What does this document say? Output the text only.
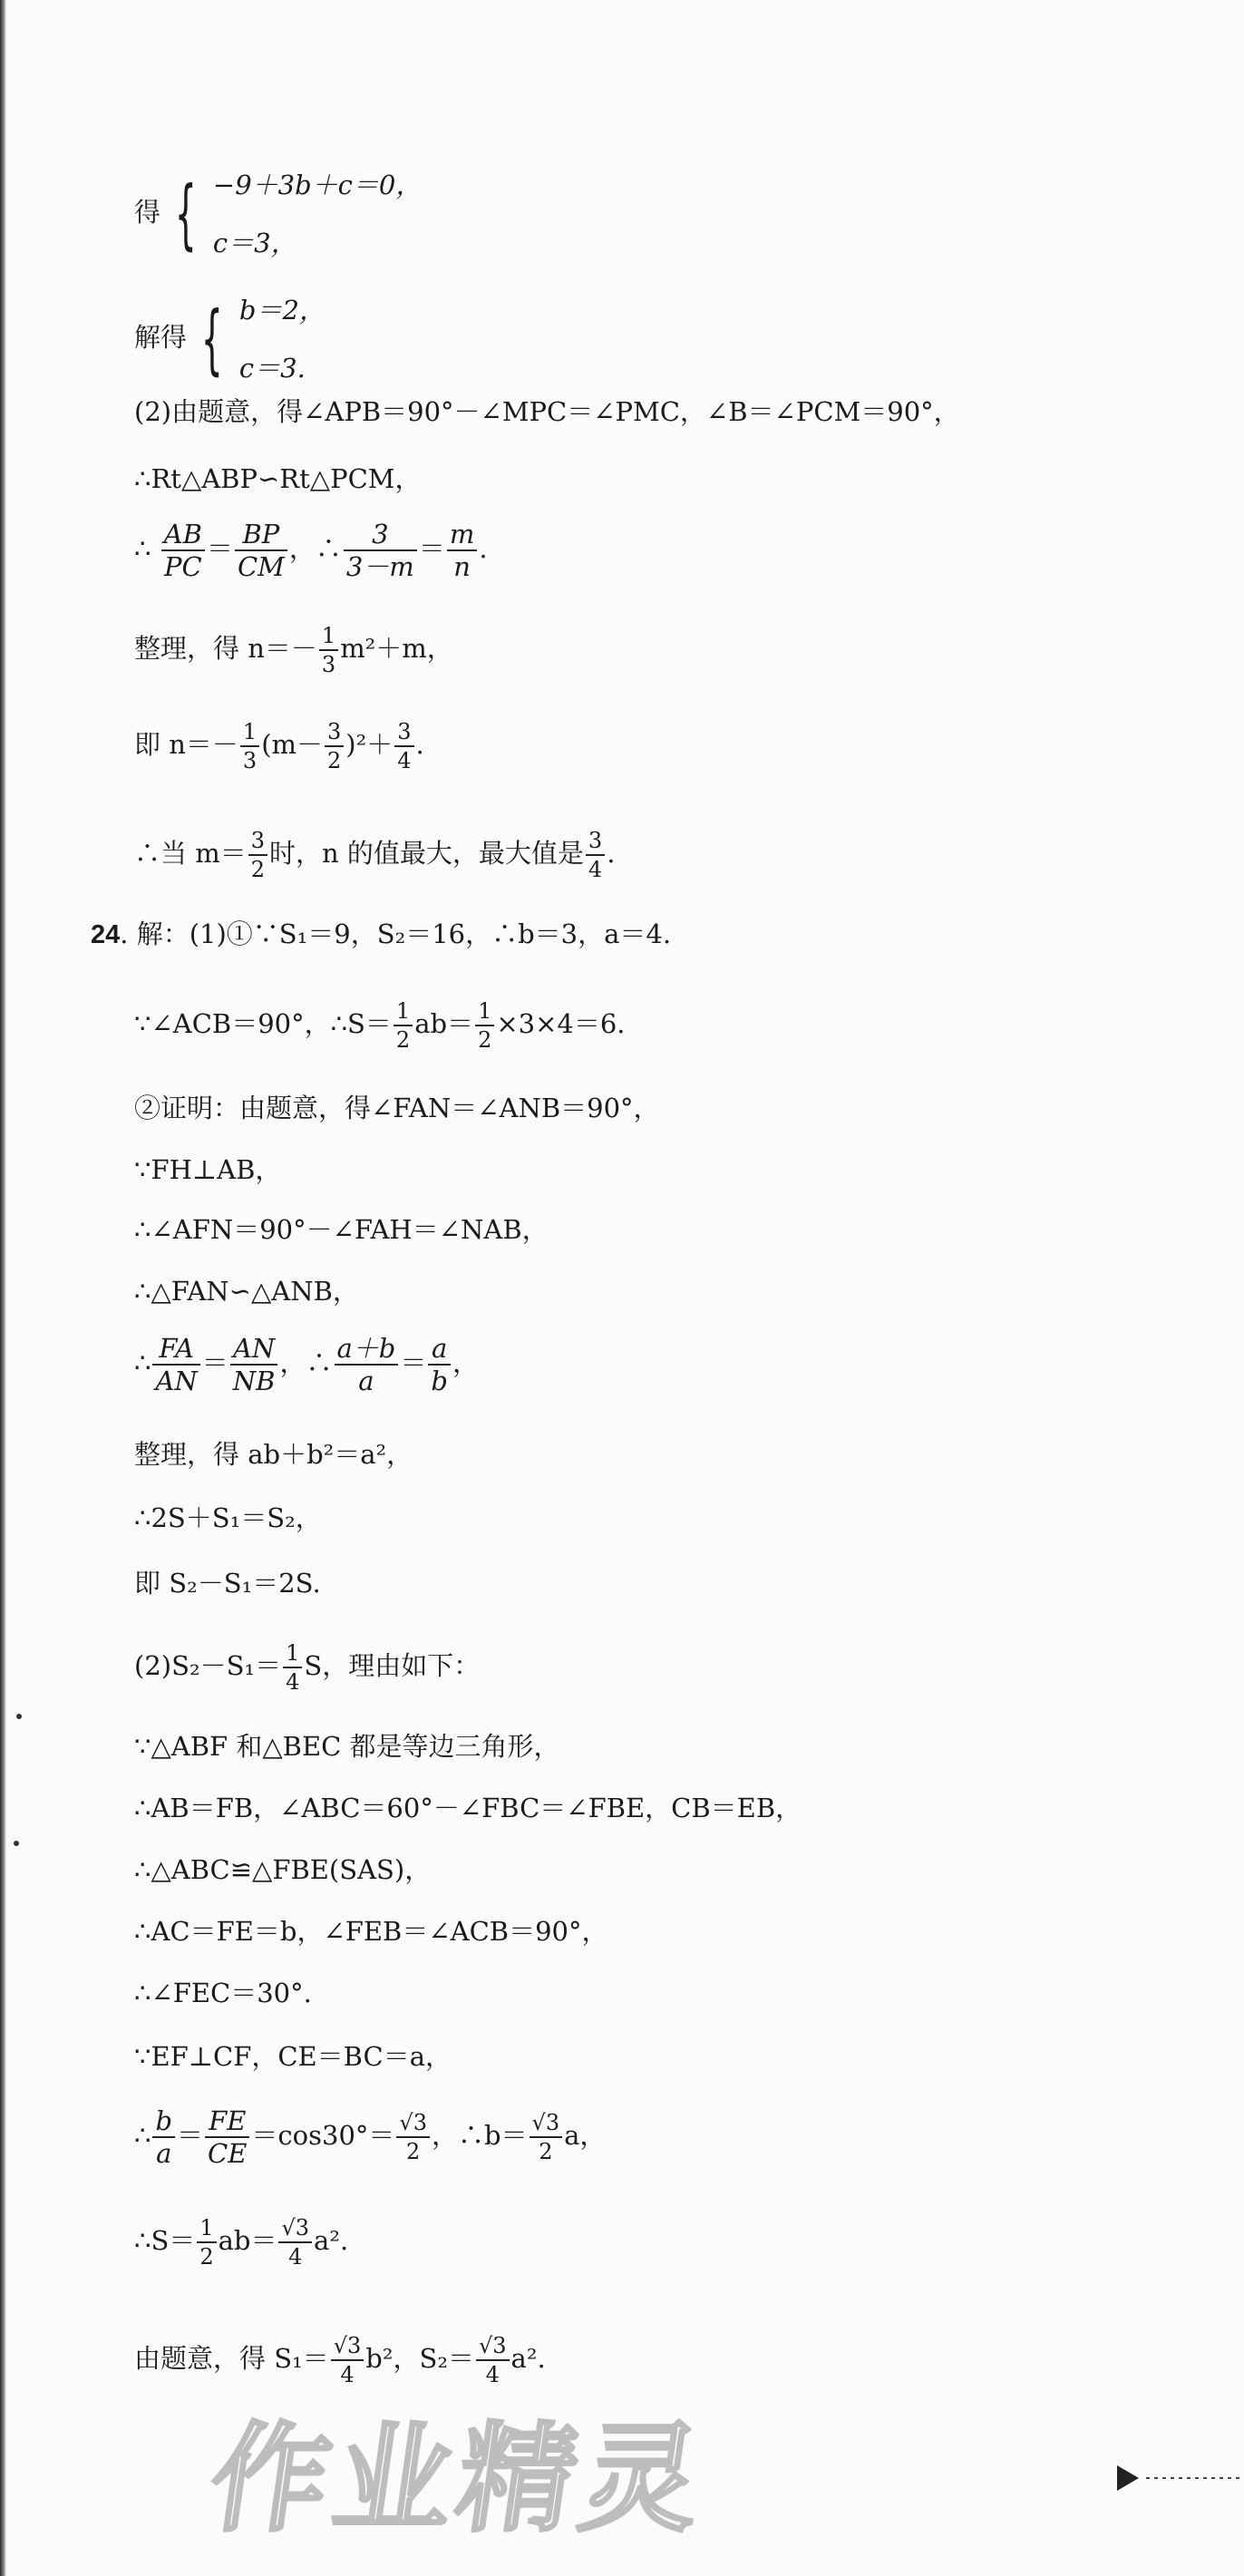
得 { −9＋3b＋c＝0，
c＝3，
解得 { b＝2，
c＝3.
(2)由题意，得∠APB＝90°－∠MPC＝∠PMC，∠B＝∠PCM＝90°，
∴Rt△ABP∽Rt△PCM，
∴ $\frac{AB}{PC} = \frac{BP}{CM}$ ，∴ $\frac{3}{3-m} = \frac{m}{n}$ .
整理，得 $n=- \frac{1}{3} m^2+m$，
即 $n=- \frac{1}{3} (m- \frac{3}{2} )^2+ \frac{3}{4}$ .
∴当 $m= \frac{3}{2}$ 时，n 的值最大，最大值是 $\frac{3}{4}$ .
24. 解：(1)①∵S₁＝9，S₂＝16，∴b＝3，a＝4.
∵∠ACB＝90°，∴S＝ $\frac{1}{2} ab= \frac{1}{2} \times 3\times 4=6$.
②证明：由题意，得∠FAN＝∠ANB＝90°，
∵FH⊥AB，
∴∠AFN＝90°－∠FAH＝∠NAB，
∴△FAN∽△ANB，
∴ $\frac{FA}{AN} = \frac{AN}{NB}$ ，∴ $\frac{a+b}{a} = \frac{a}{b}$ ，
整理，得 ab＋b²＝a²，
∴2S＋S₁＝S₂，
即 S₂－S₁＝2S.
$(2)S_2-S_1= \frac{1}{4}$ S，理由如下：
∵△ABF 和△BEC 都是等边三角形，
∴AB＝FB，∠ABC＝60°－∠FBC＝∠FBE，CB＝EB，
∴△ABC≌△FBE(SAS)，
∴AC＝FE＝b，∠FEB＝∠ACB＝90°，
∴∠FEC＝30°.
∵EF⊥CF，CE＝BC＝a，
∴ $\frac{b}{a} = \frac{FE}{CE} =\cos 30^\circ= \frac{√3}{2}$ ，∴b＝ $\frac{√3}{2}$ a，
∴S＝ $\frac{1}{2} ab= \frac{√3}{4} a^2$.
由题意，得 $S_1= \frac{√3}{4} b^2$，$S_2= \frac{√3}{4} a^2$.
作业精灵
